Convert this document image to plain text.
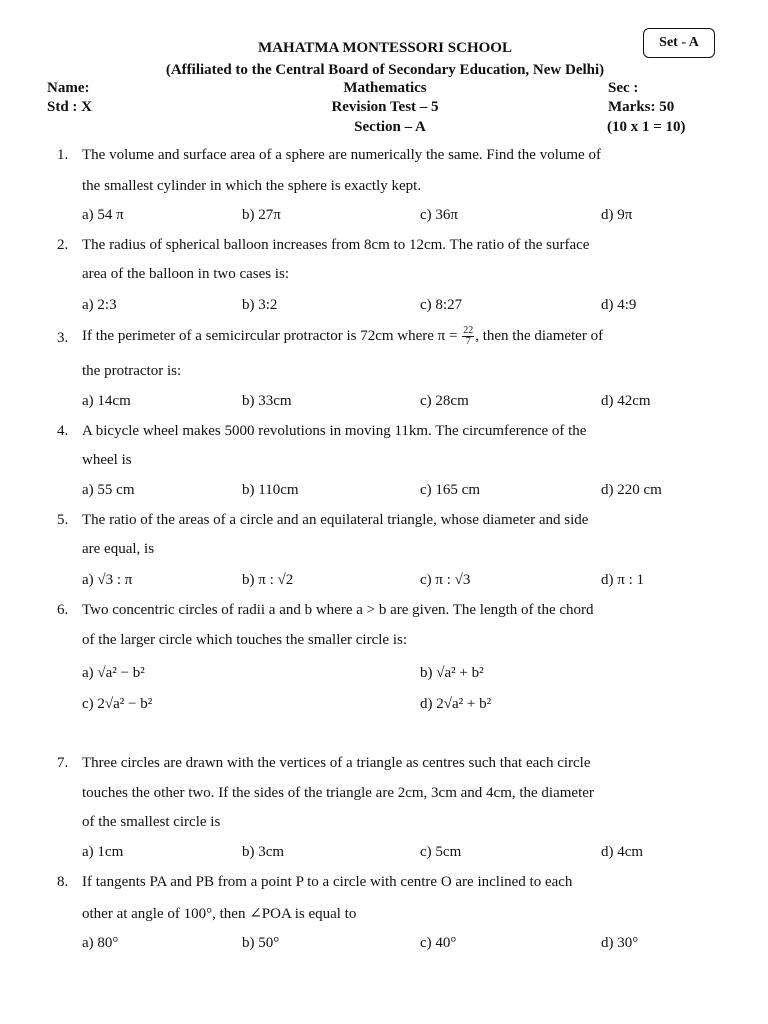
Set - A
MAHATMA MONTESSORI SCHOOL
(Affiliated to the Central Board of Secondary Education, New Delhi)
Name:	Mathematics	Sec :
Std : X	Revision Test – 5	Marks: 50
Section – A	(10 x 1 = 10)
1. The volume and surface area of a sphere are numerically the same. Find the volume of
the smallest cylinder in which the sphere is exactly kept.
a) 54 π	b) 27π	c) 36π	d) 9π
2. The radius of spherical balloon increases from 8cm to 12cm. The ratio of the surface
area of the balloon in two cases is:
a) 2:3	b) 3:2	c) 8:27	d) 4:9
3. If the perimeter of a semicircular protractor is 72cm where $\pi = \frac{22}{7}$ , then the diameter of
the protractor is:
a) 14cm	b) 33cm	c) 28cm	d) 42cm
4. A bicycle wheel makes 5000 revolutions in moving 11km. The circumference of the
wheel is
a) 55 cm	b) 110cm	c) 165 cm	d) 220 cm
5. The ratio of the areas of a circle and an equilateral triangle, whose diameter and side
are equal, is
a) √3 : π	b) π : √2	c) π : √3	d) π : 1
6. Two concentric circles of radii a and b where a > b are given. The length of the chord
of the larger circle which touches the smaller circle is:
a) √a² − b²	b) √a² + b²
c) 2√a² − b²	d) 2√a² + b²
7. Three circles are drawn with the vertices of a triangle as centres such that each circle
touches the other two. If the sides of the triangle are 2cm, 3cm and 4cm, the diameter
of the smallest circle is
a) 1cm	b) 3cm	c) 5cm	d) 4cm
8. If tangents PA and PB from a point P to a circle with centre O are inclined to each
other at angle of 100°, then ∠POA is equal to
a) 80°	b) 50°	c) 40°	d) 30°
